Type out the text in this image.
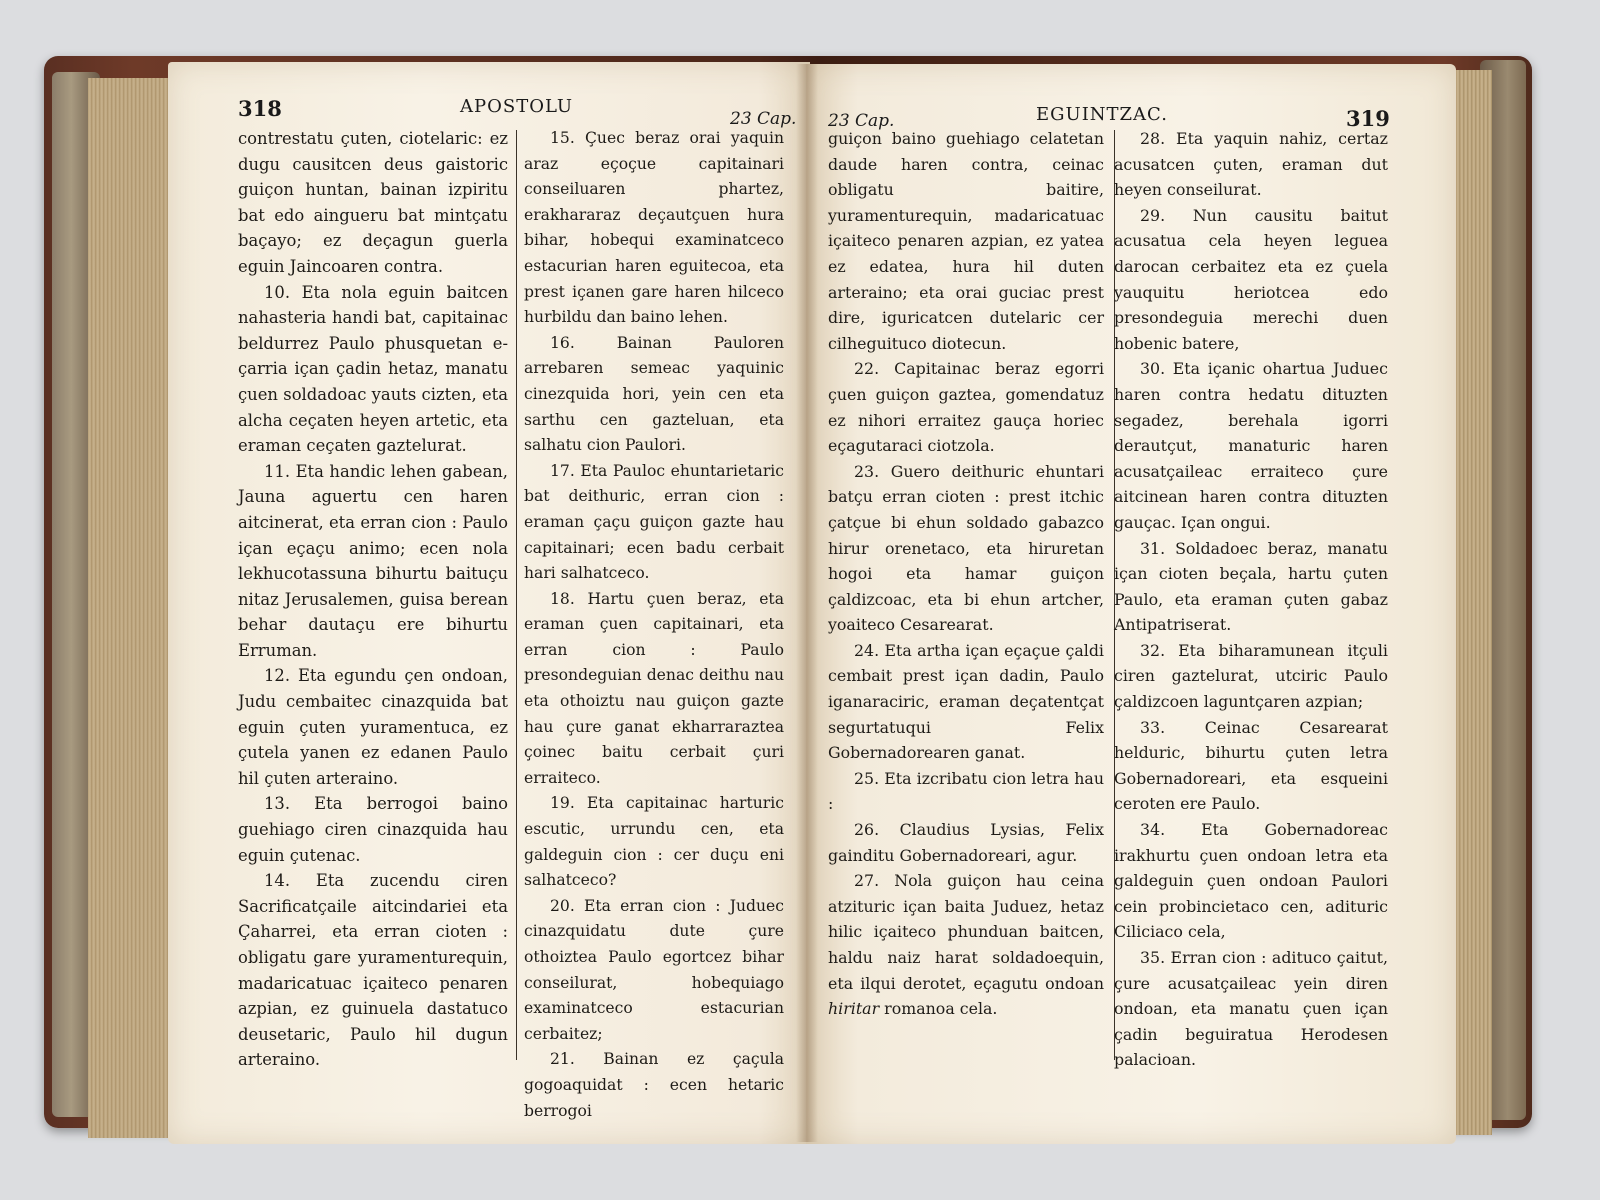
318	APOSTOLU
23 Cap. 23 Cap.	EGUINTZAC.	319

contrestatu çuten, ciotelaric: ez dugu causitcen deus gaistoric guiçon huntan, bainan izpiritu bat edo aingueru bat mintçatu baçayo; ez deçagun guerla eguin Jaincoaren contra.

10. Eta nola eguin baitcen nahasteria handi bat, capitainac beldurrez Paulo phusquetan e-çarria içan çadin hetaz, manatu çuen soldadoac yauts cizten, eta alcha ceçaten heyen artetic, eta eraman ceçaten gaztelurat.

11. Eta handic lehen gabean, Jauna aguertu cen haren aitcinerat, eta erran cion : Paulo içan eçaçu animo; ecen nola lekhucotassuna bihurtu baituçu nitaz Jerusalemen, guisa berean behar dautaçu ere bihurtu Erruman.

12. Eta egundu çen ondoan, Judu cembaitec cinazquida bat eguin çuten yuramentuca, ez çutela yanen ez edanen Paulo hil çuten arteraino.

13. Eta berrogoi baino guehiago ciren cinazquida hau eguin çutenac.

14. Eta zucendu ciren Sacrificatçaile aitcindariei eta Çaharrei, eta erran cioten : obligatu gare yuramenturequin, madaricatuac içaiteco penaren azpian, ez guinuela dastatuco deusetaric, Paulo hil dugun arteraino.

15. Çuec beraz orai yaquin araz eçoçue capitainari conseiluaren phartez, erakhararaz deçautçuen hura bihar, hobequi examinatceco estacurian haren eguitecoa, eta prest içanen gare haren hilceco hurbildu dan baino lehen.

16. Bainan Pauloren arrebaren semeac yaquinic cinezquida hori, yein cen eta sarthu cen gazteluan, eta salhatu cion Paulori.

17. Eta Pauloc ehuntarietaric bat deithuric, erran cion : eraman çaçu guiçon gazte hau capitainari; ecen badu cerbait hari salhatceco.

18. Hartu çuen beraz, eta eraman çuen capitainari, eta erran cion : Paulo presondeguian denac deithu nau eta othoiztu nau guiçon gazte hau çure ganat ekharraraztea çoinec baitu cerbait çuri erraiteco.

19. Eta capitainac harturic escutic, urrundu cen, eta galdeguin cion : cer duçu eni salhatceco?

20. Eta erran cion : Juduec cinazquidatu dute çure othoiztea Paulo egortcez bihar conseilurat, hobequiago examinatceco estacurian cerbaitez;

21. Bainan ez çaçula gogoaquidat : ecen hetaric berrogoi

guiçon baino guehiago celatetan daude haren contra, ceinac obligatu baitire, yuramenturequin, madaricatuac içaiteco penaren azpian, ez yatea ez edatea, hura hil duten arteraino; eta orai guciac prest dire, iguricatcen dutelaric cer cilheguituco diotecun.

22. Capitainac beraz egorri çuen guiçon gaztea, gomendatuz ez nihori erraitez gauça horiec eçagutaraci ciotzola.

23. Guero deithuric ehuntari batçu erran cioten : prest itchic çatçue bi ehun soldado gabazco hirur orenetaco, eta hiruretan hogoi eta hamar guiçon çaldizcoac, eta bi ehun artcher, yoaiteco Cesarearat.

24. Eta artha içan eçaçue çaldi cembait prest içan dadin, Paulo iganaraciric, eraman deçatentçat segurtatuqui Felix Gobernadorearen ganat.

25. Eta izcribatu cion letra hau :

26. Claudius Lysias, Felix gainditu Gobernadoreari, agur.

27. Nola guiçon hau ceina atzituric içan baita Juduez, hetaz hilic içaiteco phunduan baitcen, haldu naiz harat soldadoequin, eta ilqui derotet, eçagutu ondoan hiritar romanoa cela.

28. Eta yaquin nahiz, certaz acusatcen çuten, eraman dut heyen conseilurat.

29. Nun causitu baitut acusatua cela heyen leguea darocan cerbaitez eta ez çuela yauquitu heriotcea edo presondeguia merechi duen hobenic batere,

30. Eta içanic ohartua Juduec haren contra hedatu dituzten segadez, berehala igorri derautçut, manaturic haren acusatçaileac erraiteco çure aitcinean haren contra dituzten gauçac. Içan ongui.

31. Soldadoec beraz, manatu içan cioten beçala, hartu çuten Paulo, eta eraman çuten gabaz Antipatriserat.

32. Eta biharamunean itçuli ciren gaztelurat, utciric Paulo çaldizcoen laguntçaren azpian;

33. Ceinac Cesarearat helduric, bihurtu çuten letra Gobernadoreari, eta esqueini ceroten ere Paulo.

34. Eta Gobernadoreac irakhurtu çuen ondoan letra eta galdeguin çuen ondoan Paulori cein probincietaco cen, adituric Ciliciaco cela,

35. Erran cion : adituco çaitut, çure acusatçaileac yein diren ondoan, eta manatu çuen içan çadin beguiratua Herodesen palacioan.
